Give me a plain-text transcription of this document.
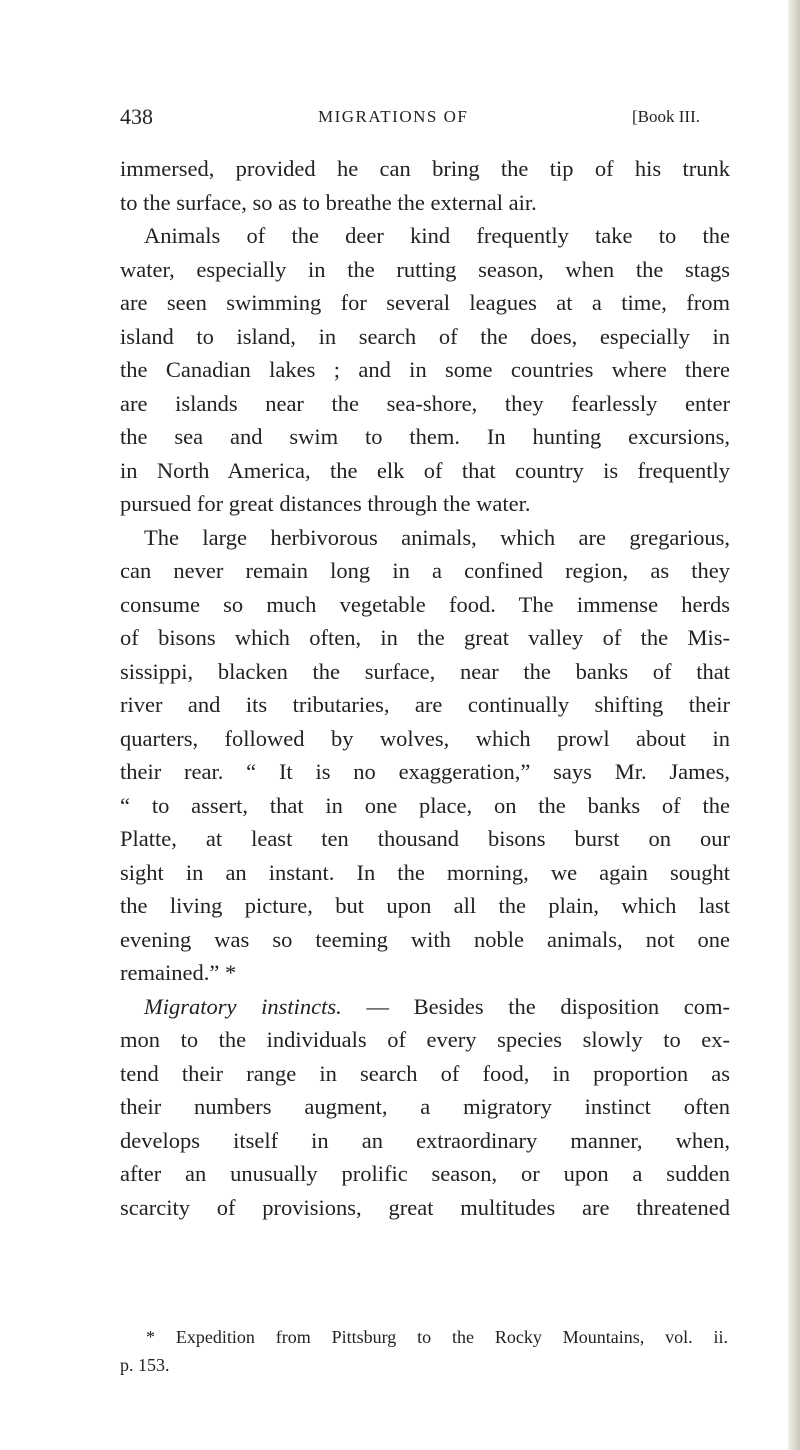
438	MIGRATIONS OF	[Book III.
immersed, provided he can bring the tip of his trunk
to the surface, so as to breathe the external air.
Animals of the deer kind frequently take to the
water, especially in the rutting season, when the stags
are seen swimming for several leagues at a time, from
island to island, in search of the does, especially in
the Canadian lakes ; and in some countries where there
are islands near the sea-shore, they fearlessly enter
the sea and swim to them. In hunting excursions,
in North America, the elk of that country is frequently
pursued for great distances through the water.
The large herbivorous animals, which are gregarious,
can never remain long in a confined region, as they
consume so much vegetable food. The immense herds
of bisons which often, in the great valley of the Mis-
sissippi, blacken the surface, near the banks of that
river and its tributaries, are continually shifting their
quarters, followed by wolves, which prowl about in
their rear. “ It is no exaggeration,” says Mr. James,
“ to assert, that in one place, on the banks of the
Platte, at least ten thousand bisons burst on our
sight in an instant. In the morning, we again sought
the living picture, but upon all the plain, which last
evening was so teeming with noble animals, not one
remained.” *
Migratory instincts. — Besides the disposition com-
mon to the individuals of every species slowly to ex-
tend their range in search of food, in proportion as
their numbers augment, a migratory instinct often
develops itself in an extraordinary manner, when,
after an unusually prolific season, or upon a sudden
scarcity of provisions, great multitudes are threatened
* Expedition from Pittsburg to the Rocky Mountains, vol. ii.
p. 153.
